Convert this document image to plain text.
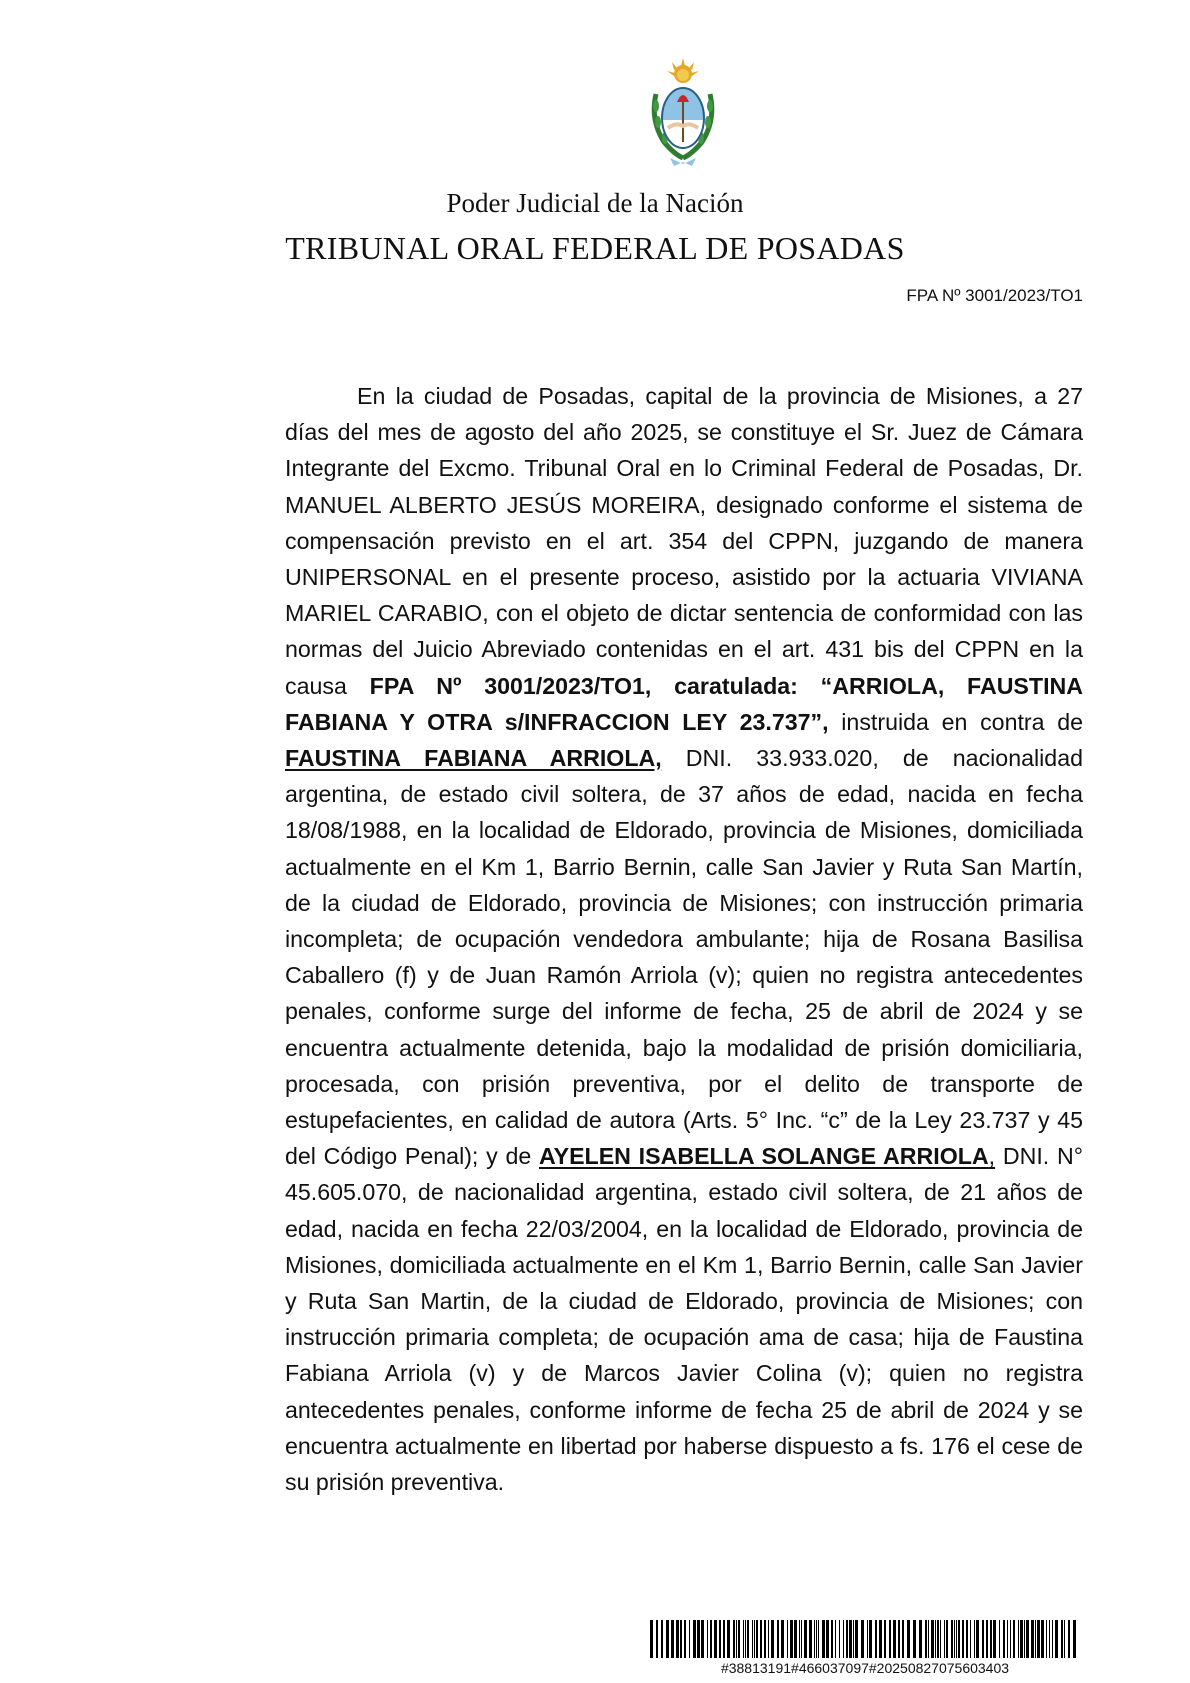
Poder Judicial de la Nación
TRIBUNAL ORAL FEDERAL DE POSADAS
FPA Nº 3001/2023/TO1
En la ciudad de Posadas, capital de la provincia de Misiones, a 27 días del mes de agosto del año 2025, se constituye el Sr. Juez de Cámara Integrante del Excmo. Tribunal Oral en lo Criminal Federal de Posadas, Dr. MANUEL ALBERTO JESÚS MOREIRA, designado conforme el sistema de compensación previsto en el art. 354 del CPPN, juzgando de manera UNIPERSONAL en el presente proceso, asistido por la actuaria VIVIANA MARIEL CARABIO, con el objeto de dictar sentencia de conformidad con las normas del Juicio Abreviado contenidas en el art. 431 bis del CPPN en la causa FPA Nº 3001/2023/TO1, caratulada: “ARRIOLA, FAUSTINA FABIANA Y OTRA s/INFRACCION LEY 23.737”, instruida en contra de FAUSTINA FABIANA ARRIOLA, DNI. 33.933.020, de nacionalidad argentina, de estado civil soltera, de 37 años de edad, nacida en fecha 18/08/1988, en la localidad de Eldorado, provincia de Misiones, domiciliada actualmente en el Km 1, Barrio Bernin, calle San Javier y Ruta San Martín, de la ciudad de Eldorado, provincia de Misiones; con instrucción primaria incompleta; de ocupación vendedora ambulante; hija de Rosana Basilisa Caballero (f) y de Juan Ramón Arriola (v); quien no registra antecedentes penales, conforme surge del informe de fecha, 25 de abril de 2024 y se encuentra actualmente detenida, bajo la modalidad de prisión domiciliaria, procesada, con prisión preventiva, por el delito de transporte de estupefacientes, en calidad de autora (Arts. 5° Inc. “c” de la Ley 23.737 y 45 del Código Penal); y de AYELEN ISABELLA SOLANGE ARRIOLA, DNI. N° 45.605.070, de nacionalidad argentina, estado civil soltera, de 21 años de edad, nacida en fecha 22/03/2004, en la localidad de Eldorado, provincia de Misiones, domiciliada actualmente en el Km 1, Barrio Bernin, calle San Javier y Ruta San Martin, de la ciudad de Eldorado, provincia de Misiones; con instrucción primaria completa; de ocupación ama de casa; hija de Faustina Fabiana Arriola (v) y de Marcos Javier Colina (v); quien no registra antecedentes penales, conforme informe de fecha 25 de abril de 2024 y se encuentra actualmente en libertad por haberse dispuesto a fs. 176 el cese de su prisión preventiva.
#38813191#466037097#20250827075603403
